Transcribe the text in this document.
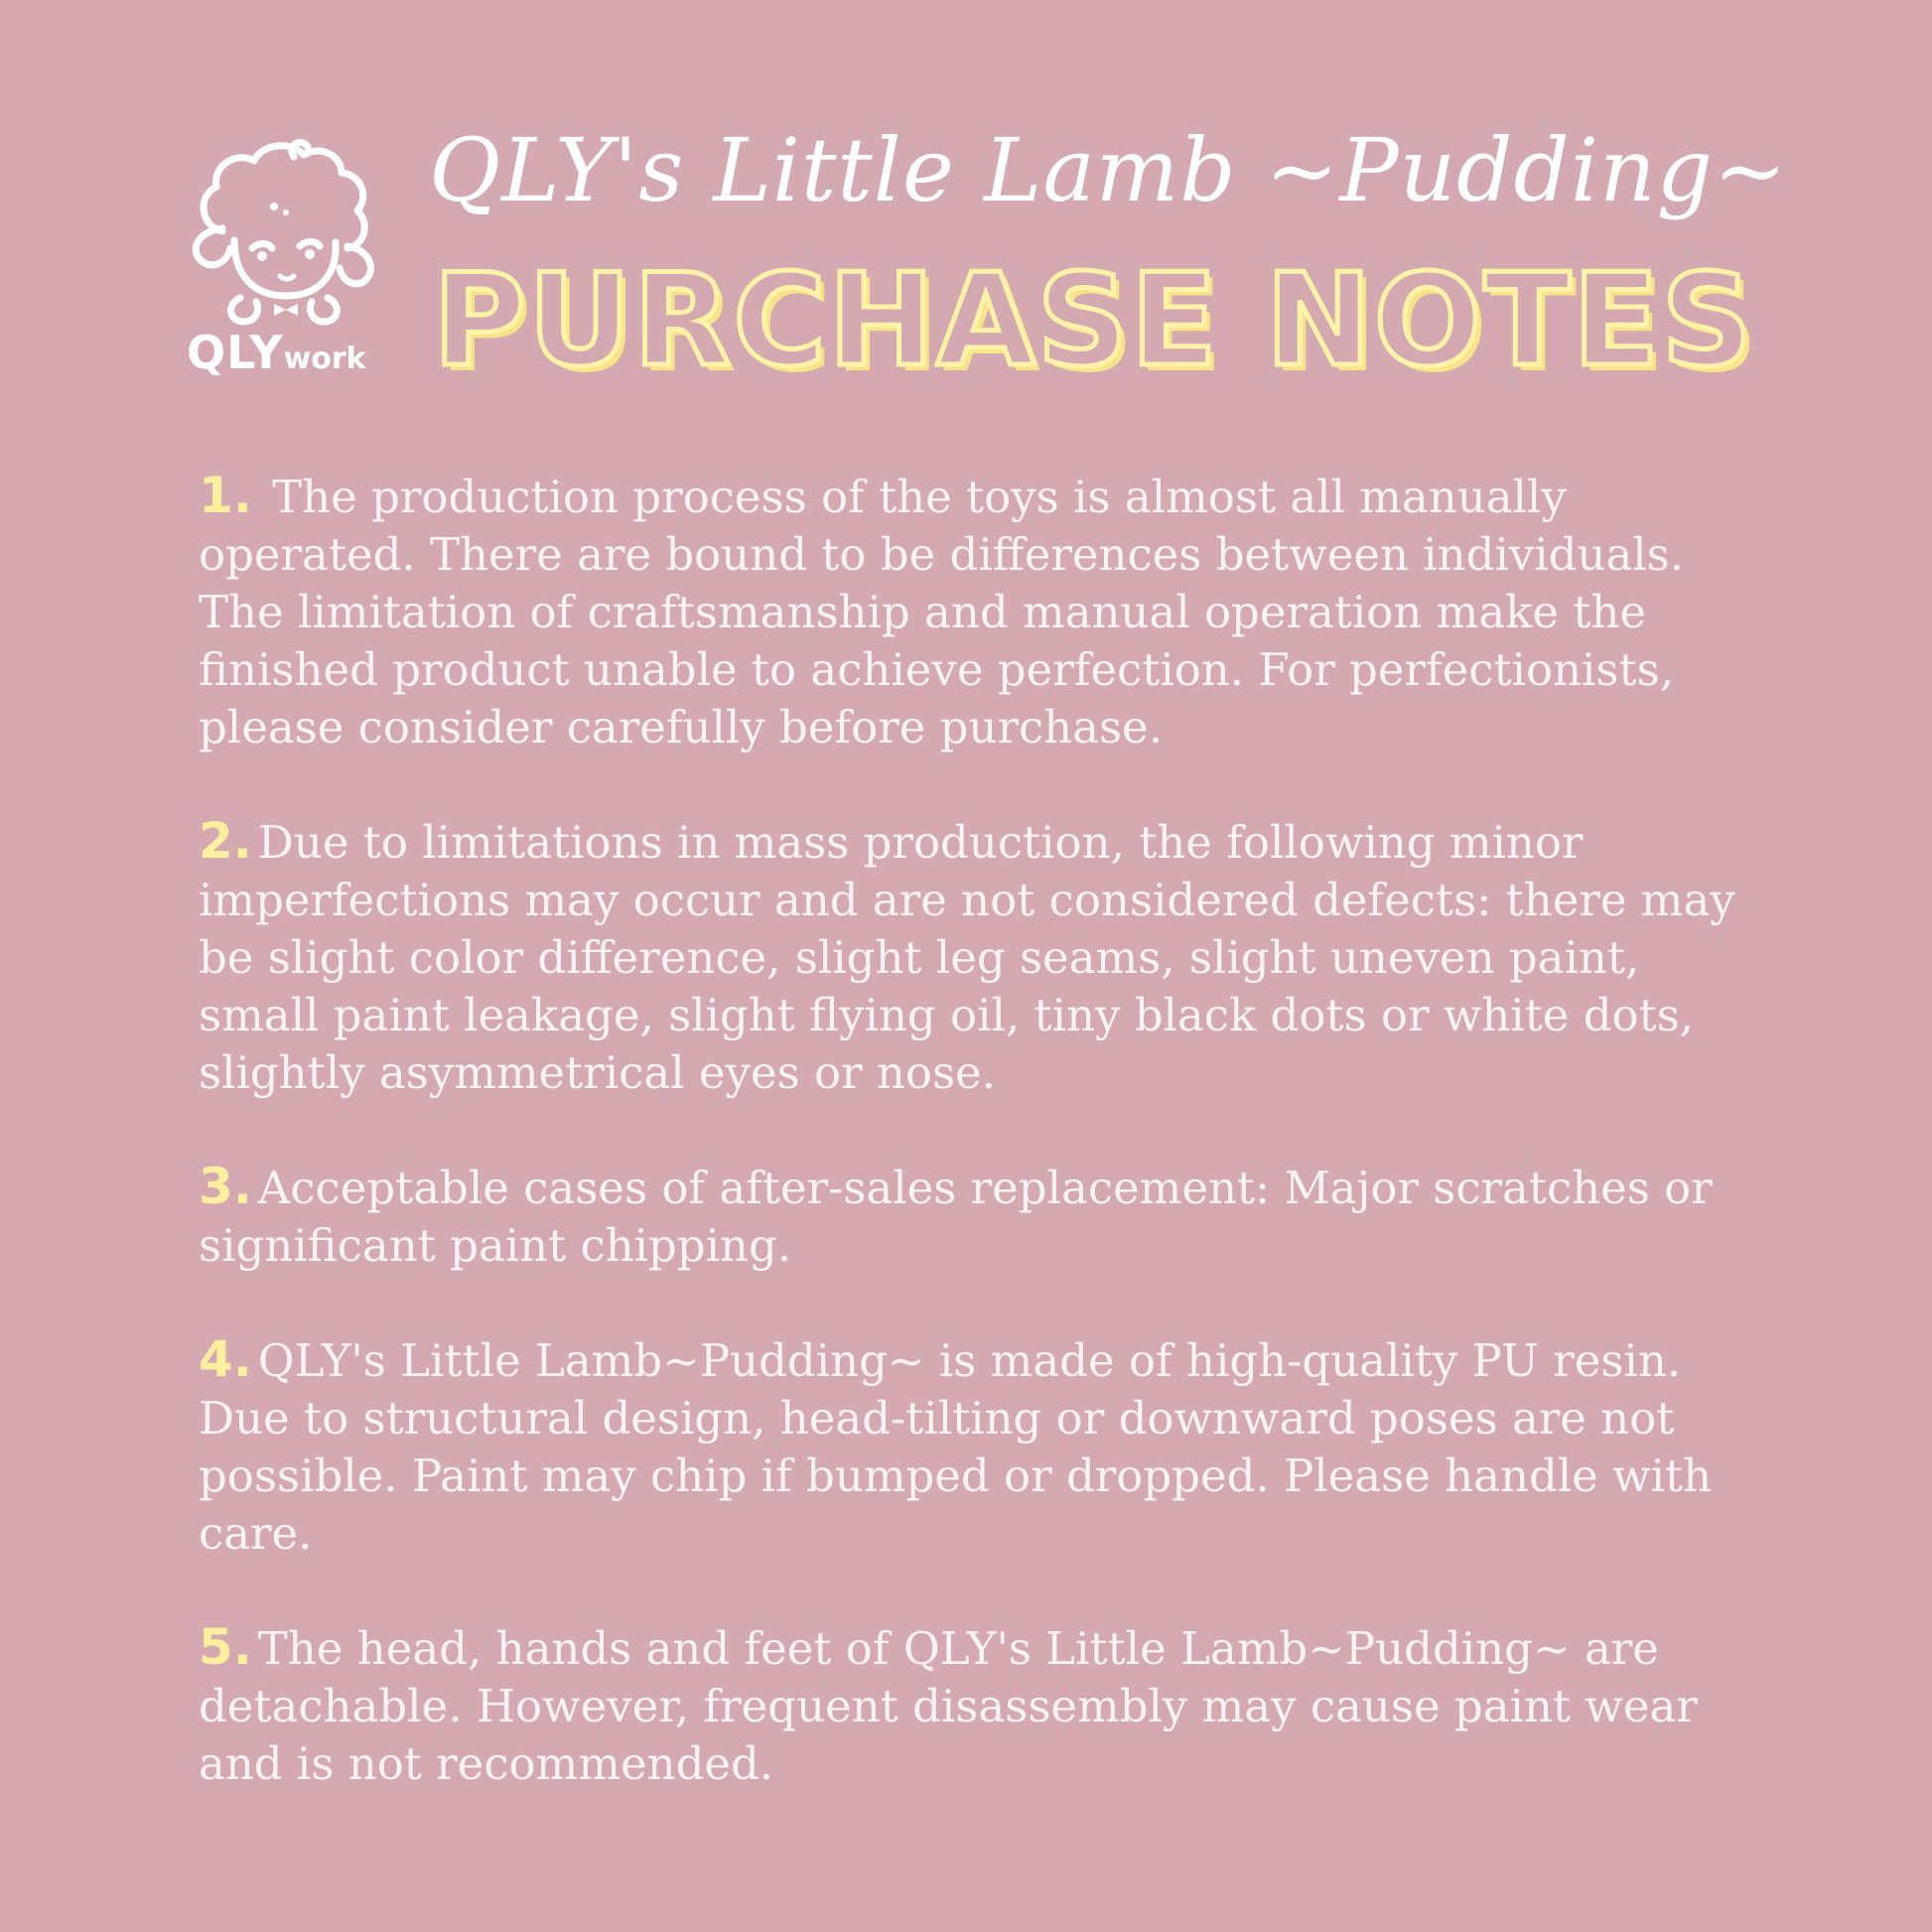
QLYwork
QLY's Little Lamb ~Pudding~
PURCHASE NOTES

1. The production process of the toys is almost all manually operated. There are bound to be differences between individuals. The limitation of craftsmanship and manual operation make the finished product unable to achieve perfection. For perfectionists, please consider carefully before purchase.

2. Due to limitations in mass production, the following minor imperfections may occur and are not considered defects: there may be slight color difference, slight leg seams, slight uneven paint, small paint leakage, slight flying oil, tiny black dots or white dots, slightly asymmetrical eyes or nose.

3. Acceptable cases of after-sales replacement: Major scratches or significant paint chipping.

4. QLY's Little Lamb~Pudding~ is made of high-quality PU resin. Due to structural design, head-tilting or downward poses are not possible. Paint may chip if bumped or dropped. Please handle with care.

5. The head, hands and feet of QLY's Little Lamb~Pudding~ are detachable. However, frequent disassembly may cause paint wear and is not recommended.
